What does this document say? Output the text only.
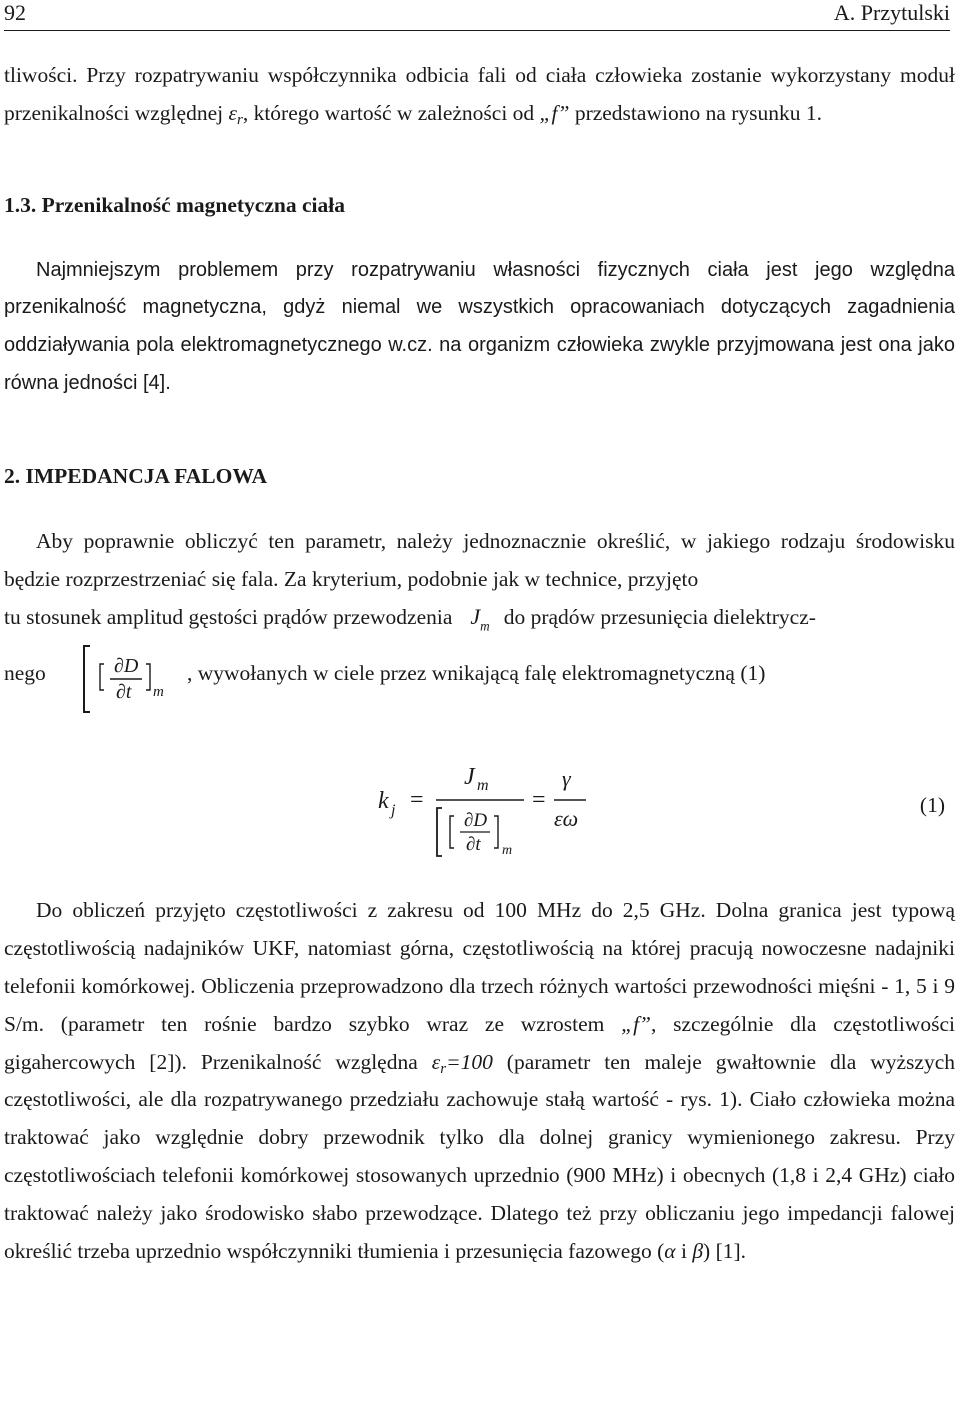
92	A. Przytulski

tliwości. Przy rozpatrywaniu współczynnika odbicia fali od ciała człowieka zostanie wykorzystany moduł przenikalności względnej $\varepsilon_r$, którego wartość w zależności od „f” przedstawiono na rysunku 1.

1.3. Przenikalność magnetyczna ciała

Najmniejszym problemem przy rozpatrywaniu własności fizycznych ciała jest jego względna przenikalność magnetyczna, gdyż niemal we wszystkich opracowaniach dotyczących zagadnienia oddziaływania pola elektromagnetycznego w.cz. na organizm człowieka zwykle przyjmowana jest ona jako równa jedności [4].

2. IMPEDANCJA FALOWA

Aby poprawnie obliczyć ten parametr, należy jednoznacznie określić, w jakiego rodzaju środowisku będzie rozprzestrzeniać się fala. Za kryterium, podobnie jak w technice, przyjęto

tu stosunek amplitud gęstości prądów przewodzenia $J_m$ do prądów przesunięcia dielektrycz-
nego	∂D
∂t m
, wywołanych w ciele przez wnikającą falę elektromagnetyczną (1)
k j =
J m
∂D
∂t m
=
γ
εω
(1)

Do obliczeń przyjęto częstotliwości z zakresu od 100 MHz do 2,5 GHz. Dolna granica jest typową częstotliwością nadajników UKF, natomiast górna, częstotliwością na której pracują nowoczesne nadajniki telefonii komórkowej. Obliczenia przeprowadzono dla trzech różnych wartości przewodności mięśni - 1, 5 i 9 S/m. (parametr ten rośnie bardzo szybko wraz ze wzrostem „f”, szczególnie dla częstotliwości gigahercowych [2]). Przenikalność względna $\varepsilon_r=100$ (parametr ten maleje gwałtownie dla wyższych częstotliwości, ale dla rozpatrywanego przedziału zachowuje stałą wartość - rys. 1). Ciało człowieka można traktować jako względnie dobry przewodnik tylko dla dolnej granicy wymienionego zakresu. Przy częstotliwościach telefonii komórkowej stosowanych uprzednio (900 MHz) i obecnych (1,8 i 2,4 GHz) ciało traktować należy jako środowisko słabo przewodzące. Dlatego też przy obliczaniu jego impedancji falowej określić trzeba uprzednio współczynniki tłumienia i przesunięcia fazowego (α i β) [1].
